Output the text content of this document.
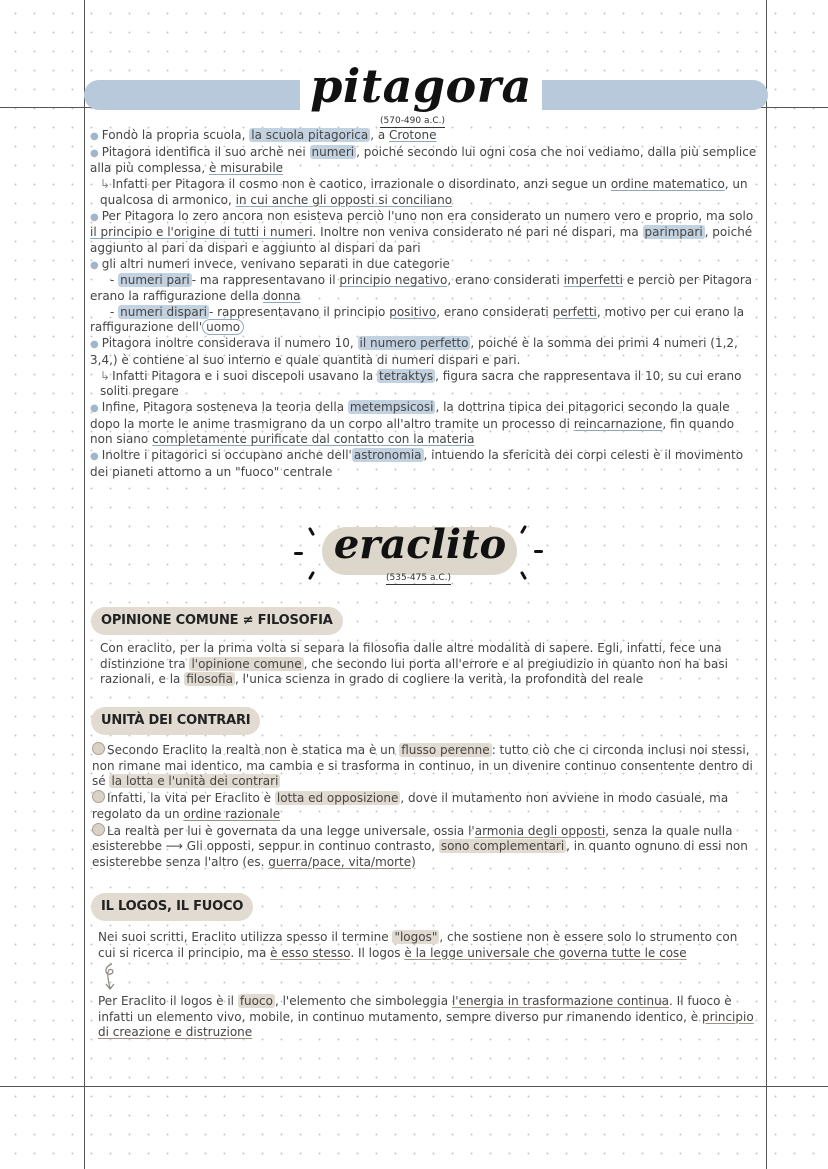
pitagora
(570-490 a.C.)

● Fondò la propria scuola, la scuola pitagorica , a Crotone

● Pitagora identifica il suo archè nei numeri , poiché secondo lui ogni cosa che noi vediamo, dalla più semplice alla più complessa, è misurabile

↳ Infatti per Pitagora il cosmo non è caotico, irrazionale o disordinato, anzi segue un ordine matematico, un qualcosa di armonico, in cui anche gli opposti si conciliano

● Per Pitagora lo zero ancora non esisteva perciò l'uno non era considerato un numero vero e proprio, ma solo il principio e l'origine di tutti i numeri. Inoltre non veniva considerato né pari né dispari, ma parimpari , poiché aggiunto al pari da dispari e aggiunto al dispari da pari

● gli altri numeri invece, venivano separati in due categorie

- numeri pari - ma rappresentavano il principio negativo, erano considerati imperfetti e perciò per Pitagora erano la raffigurazione della donna

- numeri dispari - rappresentavano il principio positivo, erano considerati perfetti, motivo per cui erano la raffigurazione dell' uomo

● Pitagora inoltre considerava il numero 10, il numero perfetto , poiché è la somma dei primi 4 numeri (1,2, 3,4,) è contiene al suo interno e quale quantità di numeri dispari e pari.

↳ Infatti Pitagora e i suoi discepoli usavano la tetraktys , figura sacra che rappresentava il 10, su cui erano soliti pregare

● Infine, Pitagora sosteneva la teoria della metempsicosi , la dottrina tipica dei pitagorici secondo la quale dopo la morte le anime trasmigrano da un corpo all'altro tramite un processo di reincarnazione, fin quando non siano completamente purificate dal contatto con la materia

● Inoltre i pitagorici si occupano anche dell' astronomia , intuendo la sfericità dei corpi celesti è il movimento dei pianeti attorno a un "fuoco" centrale

eraclito
(535-475 a.C.)
OPINIONE COMUNE ≠ FILOSOFIA

Con eraclito, per la prima volta si separa la filosofia dalle altre modalità di sapere. Egli, infatti, fece una distinzione tra l'opinione comune , che secondo lui porta all'errore e al pregiudizio in quanto non ha basi razionali, e la filosofia , l'unica scienza in grado di cogliere la verità, la profondità del reale

UNITÀ DEI CONTRARI

Secondo Eraclito la realtà non è statica ma è un flusso perenne : tutto ciò che ci circonda inclusi noi stessi, non rimane mai identico, ma cambia e si trasforma in continuo, in un divenire continuo consentente dentro di sé la lotta e l'unità dei contrari

Infatti, la vita per Eraclito è lotta ed opposizione , dove il mutamento non avviene in modo casuale, ma regolato da un ordine razionale

La realtà per lui è governata da una legge universale, ossia l'armonia degli opposti, senza la quale nulla esisterebbe ⟶ Gli opposti, seppur in continuo contrasto, sono complementari , in quanto ognuno di essi non esisterebbe senza l'altro (es. guerra/pace, vita/morte)

IL LOGOS, IL FUOCO

Nei suoi scritti, Eraclito utilizza spesso il termine "logos" , che sostiene non è essere solo lo strumento con cui si ricerca il principio, ma è esso stesso. Il logos è la legge universale che governa tutte le cose

Per Eraclito il logos è il fuoco , l'elemento che simboleggia l'energia in trasformazione continua. Il fuoco è infatti un elemento vivo, mobile, in continuo mutamento, sempre diverso pur rimanendo identico, è principio di creazione e distruzione
